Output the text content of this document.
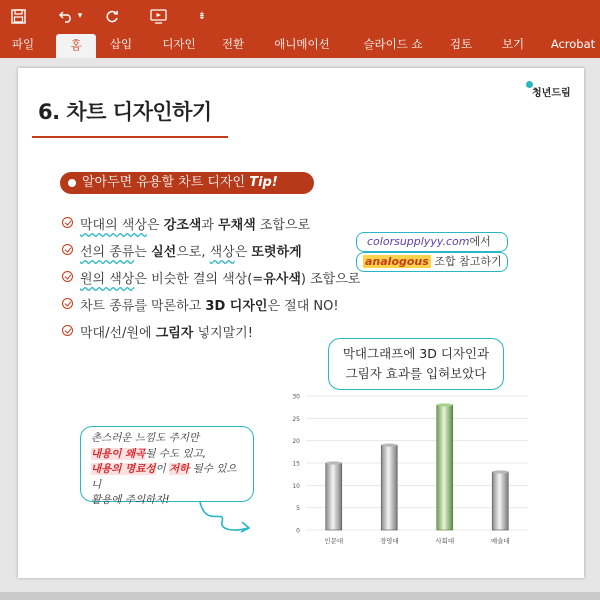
▾	⇟
파일	홈	삽입	디자인	전환	애니메이션	슬라이드 쇼	검토	보기	Acrobat
6. 차트 디자인하기
청년드림
알아두면 유용할 차트 디자인 Tip!
막대의 색상은 강조색과 무채색 조합으로
선의 종류는 실선으로, 색상은 또렷하게
원의 색상은 비슷한 결의 색상(=유사색) 조합으로
차트 종류를 막론하고 3D 디자인은 절대 NO!
막대/선/원에 그림자 넣지말기!
colorsupplyyy.com에서
analogous 조합 참고하기
막대그래프에 3D 디자인과
그림자 효과를 입혀보았다
촌스러운 느낌도 주지만
내용이 왜곡될 수도 있고,
내용의 명료성이 저하 될수 있으니
활용에 주의하자!
0
5
10
15
20
25
30
인문대	경영대	사회대	예술대
